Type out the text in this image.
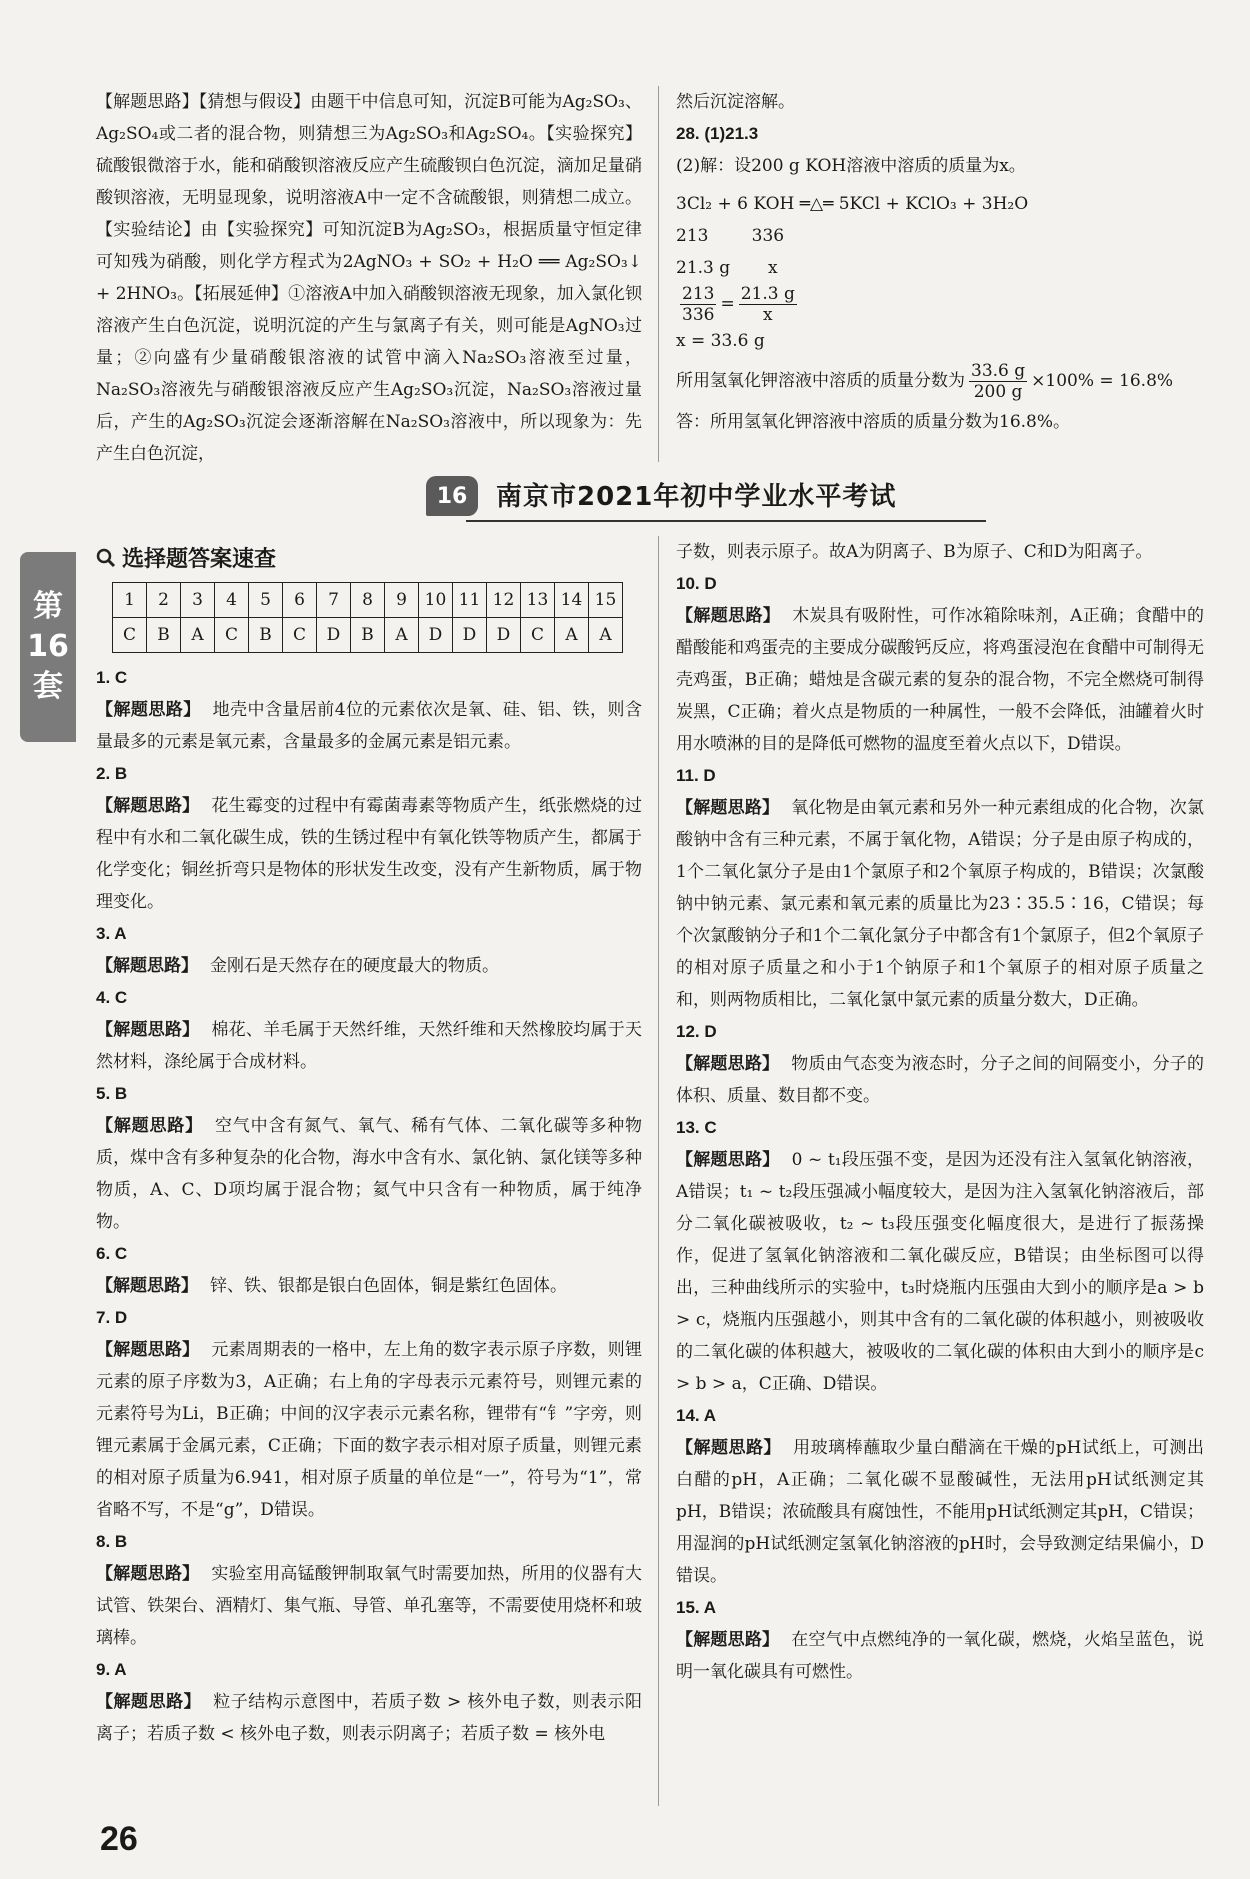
【解题思路】【猜想与假设】由题干中信息可知，沉淀B可能为Ag₂SO₃、Ag₂SO₄或二者的混合物，则猜想三为Ag₂SO₃和Ag₂SO₄。【实验探究】硫酸银微溶于水，能和硝酸钡溶液反应产生硫酸钡白色沉淀，滴加足量硝酸钡溶液，无明显现象，说明溶液A中一定不含硫酸银，则猜想二成立。【实验结论】由【实验探究】可知沉淀B为Ag₂SO₃，根据质量守恒定律可知残为硝酸，则化学方程式为2AgNO₃ + SO₂ + H₂O ══ Ag₂SO₃↓ + 2HNO₃。【拓展延伸】①溶液A中加入硝酸钡溶液无现象，加入氯化钡溶液产生白色沉淀，说明沉淀的产生与氯离子有关，则可能是AgNO₃过量；②向盛有少量硝酸银溶液的试管中滴入Na₂SO₃溶液至过量，Na₂SO₃溶液先与硝酸银溶液反应产生Ag₂SO₃沉淀，Na₂SO₃溶液过量后，产生的Ag₂SO₃沉淀会逐渐溶解在Na₂SO₃溶液中，所以现象为：先产生白色沉淀，

然后沉淀溶解。

28. (1)21.3

(2)解：设200 g KOH溶液中溶质的质量为x。

3Cl₂ + 6 KOH ═△═ 5KCl + KClO₃ + 3H₂O

213        336

21.3 g       x

$\frac{213}{336} = \frac{21.3 g}{x}$

x = 33.6 g

所用氢氧化钾溶液中溶质的质量分数为 $\frac{33.6 g}{200 g} \times 100\% = 16.8\%$

答：所用氢氧化钾溶液中溶质的质量分数为16.8%。

16	南京市2021年初中学业水平考试
第
16
套
选择题答案速查
1	2	3	4	5	6	7	8	9	10	11	12	13	14	15
C	B	A	C	B	C	D	B	A	D	D	D	C	A	A

1. C

【解题思路】 地壳中含量居前4位的元素依次是氧、硅、铝、铁，则含量最多的元素是氧元素，含量最多的金属元素是铝元素。

2. B

【解题思路】 花生霉变的过程中有霉菌毒素等物质产生，纸张燃烧的过程中有水和二氧化碳生成，铁的生锈过程中有氧化铁等物质产生，都属于化学变化；铜丝折弯只是物体的形状发生改变，没有产生新物质，属于物理变化。

3. A

【解题思路】 金刚石是天然存在的硬度最大的物质。

4. C

【解题思路】 棉花、羊毛属于天然纤维，天然纤维和天然橡胶均属于天然材料，涤纶属于合成材料。

5. B

【解题思路】 空气中含有氮气、氧气、稀有气体、二氧化碳等多种物质，煤中含有多种复杂的化合物，海水中含有水、氯化钠、氯化镁等多种物质，A、C、D项均属于混合物；氦气中只含有一种物质，属于纯净物。

6. C

【解题思路】 锌、铁、银都是银白色固体，铜是紫红色固体。

7. D

【解题思路】 元素周期表的一格中，左上角的数字表示原子序数，则锂元素的原子序数为3，A正确；右上角的字母表示元素符号，则锂元素的元素符号为Li，B正确；中间的汉字表示元素名称，锂带有“钅”字旁，则锂元素属于金属元素，C正确；下面的数字表示相对原子质量，则锂元素的相对原子质量为6.941，相对原子质量的单位是“一”，符号为“1”，常省略不写，不是“g”，D错误。

8. B

【解题思路】 实验室用高锰酸钾制取氧气时需要加热，所用的仪器有大试管、铁架台、酒精灯、集气瓶、导管、单孔塞等，不需要使用烧杯和玻璃棒。

9. A

【解题思路】 粒子结构示意图中，若质子数 > 核外电子数，则表示阳离子；若质子数 < 核外电子数，则表示阴离子；若质子数 = 核外电

子数，则表示原子。故A为阴离子、B为原子、C和D为阳离子。

10. D

【解题思路】 木炭具有吸附性，可作冰箱除味剂，A正确；食醋中的醋酸能和鸡蛋壳的主要成分碳酸钙反应，将鸡蛋浸泡在食醋中可制得无壳鸡蛋，B正确；蜡烛是含碳元素的复杂的混合物，不完全燃烧可制得炭黑，C正确；着火点是物质的一种属性，一般不会降低，油罐着火时用水喷淋的目的是降低可燃物的温度至着火点以下，D错误。

11. D

【解题思路】 氧化物是由氧元素和另外一种元素组成的化合物，次氯酸钠中含有三种元素，不属于氧化物，A错误；分子是由原子构成的，1个二氧化氯分子是由1个氯原子和2个氧原子构成的，B错误；次氯酸钠中钠元素、氯元素和氧元素的质量比为23∶35.5∶16，C错误；每个次氯酸钠分子和1个二氧化氯分子中都含有1个氯原子，但2个氧原子的相对原子质量之和小于1个钠原子和1个氧原子的相对原子质量之和，则两物质相比，二氧化氯中氯元素的质量分数大，D正确。

12. D

【解题思路】 物质由气态变为液态时，分子之间的间隔变小，分子的体积、质量、数目都不变。

13. C

【解题思路】 0 ~ t₁段压强不变，是因为还没有注入氢氧化钠溶液，A错误；t₁ ~ t₂段压强减小幅度较大，是因为注入氢氧化钠溶液后，部分二氧化碳被吸收，t₂ ~ t₃段压强变化幅度很大，是进行了振荡操作，促进了氢氧化钠溶液和二氧化碳反应，B错误；由坐标图可以得出，三种曲线所示的实验中，t₃时烧瓶内压强由大到小的顺序是a > b > c，烧瓶内压强越小，则其中含有的二氧化碳的体积越小，则被吸收的二氧化碳的体积越大，被吸收的二氧化碳的体积由大到小的顺序是c > b > a，C正确、D错误。

14. A

【解题思路】 用玻璃棒蘸取少量白醋滴在干燥的pH试纸上，可测出白醋的pH，A正确；二氧化碳不显酸碱性，无法用pH试纸测定其pH，B错误；浓硫酸具有腐蚀性，不能用pH试纸测定其pH，C错误；用湿润的pH试纸测定氢氧化钠溶液的pH时，会导致测定结果偏小，D错误。

15. A

【解题思路】 在空气中点燃纯净的一氧化碳，燃烧，火焰呈蓝色，说明一氧化碳具有可燃性。

26
